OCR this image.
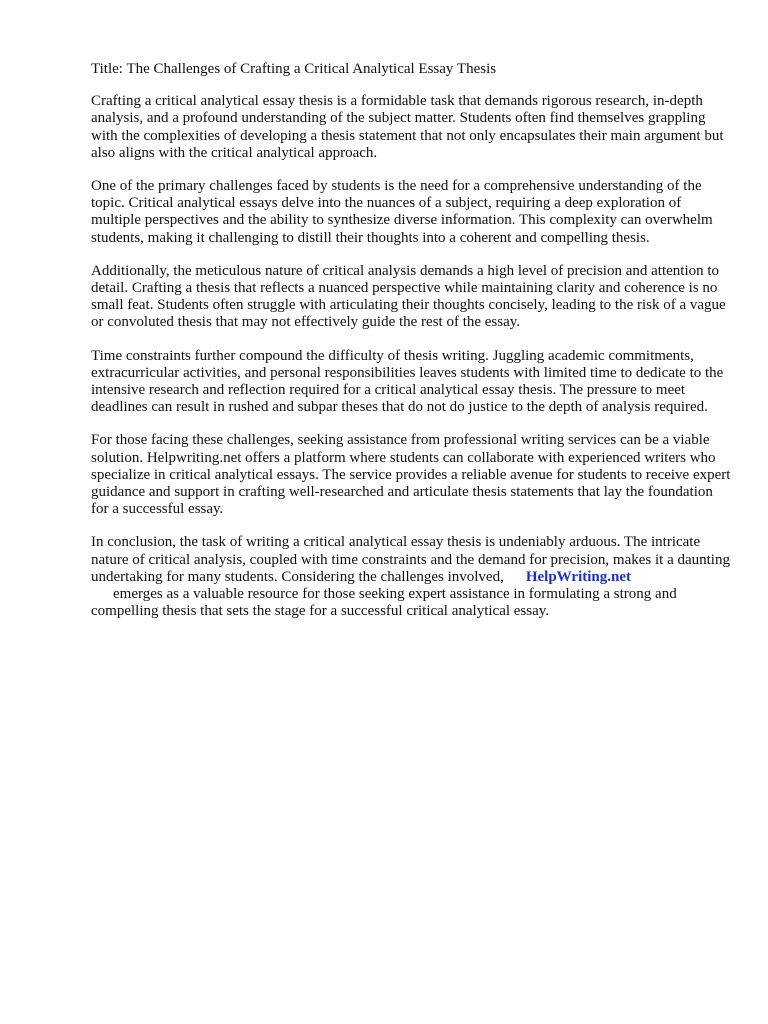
Title: The Challenges of Crafting a Critical Analytical Essay Thesis

Crafting a critical analytical essay thesis is a formidable task that demands rigorous research, in-depth analysis, and a profound understanding of the subject matter. Students often find themselves grappling with the complexities of developing a thesis statement that not only encapsulates their main argument but also aligns with the critical analytical approach.

One of the primary challenges faced by students is the need for a comprehensive understanding of the topic. Critical analytical essays delve into the nuances of a subject, requiring a deep exploration of multiple perspectives and the ability to synthesize diverse information. This complexity can overwhelm students, making it challenging to distill their thoughts into a coherent and compelling thesis.

Additionally, the meticulous nature of critical analysis demands a high level of precision and attention to detail. Crafting a thesis that reflects a nuanced perspective while maintaining clarity and coherence is no small feat. Students often struggle with articulating their thoughts concisely, leading to the risk of a vague or convoluted thesis that may not effectively guide the rest of the essay.

Time constraints further compound the difficulty of thesis writing. Juggling academic commitments, extracurricular activities, and personal responsibilities leaves students with limited time to dedicate to the intensive research and reflection required for a critical analytical essay thesis. The pressure to meet deadlines can result in rushed and subpar theses that do not do justice to the depth of analysis required.

For those facing these challenges, seeking assistance from professional writing services can be a viable solution. Helpwriting.net offers a platform where students can collaborate with experienced writers who specialize in critical analytical essays. The service provides a reliable avenue for students to receive expert guidance and support in crafting well-researched and articulate thesis statements that lay the foundation for a successful essay.

In conclusion, the task of writing a critical analytical essay thesis is undeniably arduous. The intricate nature of critical analysis, coupled with time constraints and the demand for precision, makes it a daunting undertaking for many students. Considering the challenges involved, HelpWriting.net
emerges as a valuable resource for those seeking expert assistance in formulating a strong and compelling thesis that sets the stage for a successful critical analytical essay.
